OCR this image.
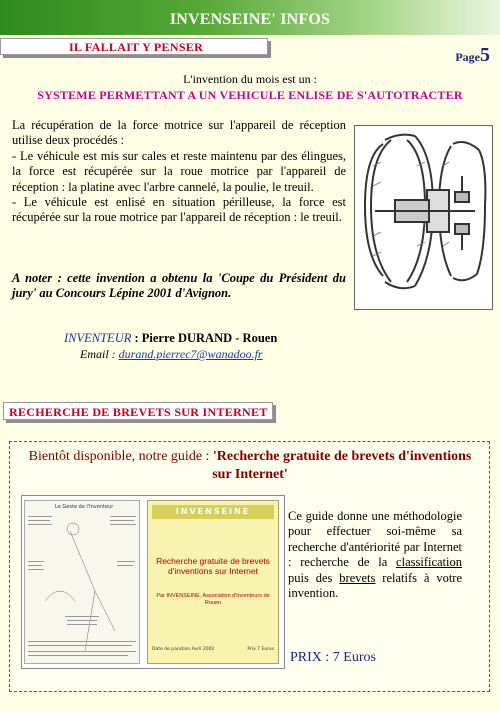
INVENSEINE' INFOS
Page5
IL FALLAIT Y PENSER
L'invention du mois est un :
SYSTEME PERMETTANT A UN VEHICULE ENLISE DE S'AUTOTRACTER

La récupération de la force motrice sur l'appareil de réception utilise deux procédés :

- Le véhicule est mis sur cales et reste maintenu par des élingues, la force est récupérée sur la roue motrice par l'appareil de réception : la platine avec l'arbre cannelé, la poulie, le treuil.

- Le véhicule est enlisé en situation périlleuse, la force est récupérée sur la roue motrice par l'appareil de réception : le treuil.

A noter : cette invention a obtenu la 'Coupe du Président du jury' au Concours Lépine 2001 d'Avignon.
INVENTEUR : Pierre DURAND - Rouen
Email : durand.pierrec7@wanadoo.fr
RECHERCHE DE BREVETS SUR INTERNET
Bientôt disponible, notre guide : 'Recherche gratuite de brevets d'inventions sur Internet'
Le Geste de l'Inventeur	INVENSEINE
Recherche gratuite de brevets d'inventions sur Internet
Par INVENSEINE, Association d'Inventeurs de Rouen
Date de parution Avril 2002	Prix 7 Euros
Ce guide donne une méthodologie pour effectuer soi-même sa recherche d'antériorité par Internet : recherche de la classification puis des brevets relatifs à votre invention.
PRIX : 7 Euros
